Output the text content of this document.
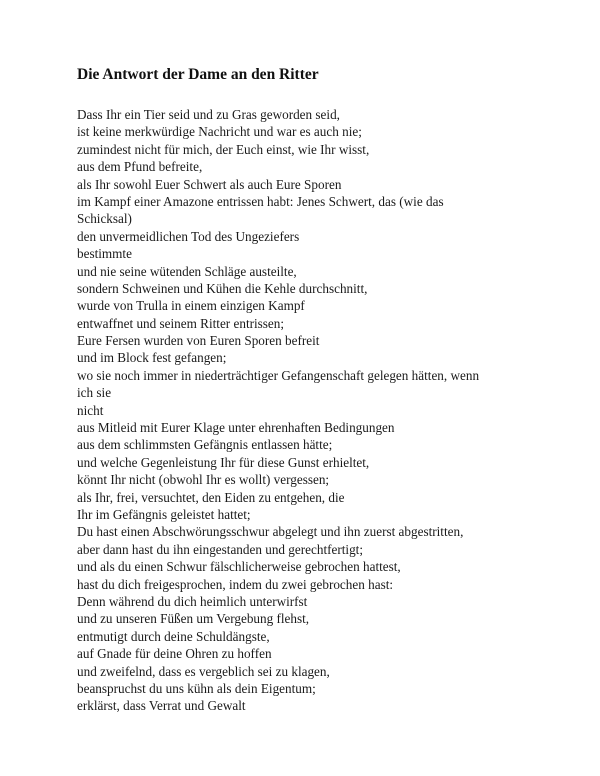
Die Antwort der Dame an den Ritter
Dass Ihr ein Tier seid und zu Gras geworden seid,
ist keine merkwürdige Nachricht und war es auch nie;
zumindest nicht für mich, der Euch einst, wie Ihr wisst,
aus dem Pfund befreite,
als Ihr sowohl Euer Schwert als auch Eure Sporen
im Kampf einer Amazone entrissen habt: Jenes Schwert, das (wie das
Schicksal)
den unvermeidlichen Tod des Ungeziefers
bestimmte
und nie seine wütenden Schläge austeilte,
sondern Schweinen und Kühen die Kehle durchschnitt,
wurde von Trulla in einem einzigen Kampf
entwaffnet und seinem Ritter entrissen;
Eure Fersen wurden von Euren Sporen befreit
und im Block fest gefangen;
wo sie noch immer in niederträchtiger Gefangenschaft gelegen hätten, wenn
ich sie
nicht
aus Mitleid mit Eurer Klage unter ehrenhaften Bedingungen
aus dem schlimmsten Gefängnis entlassen hätte;
und welche Gegenleistung Ihr für diese Gunst erhieltet,
könnt Ihr nicht (obwohl Ihr es wollt) vergessen;
als Ihr, frei, versuchtet, den Eiden zu entgehen, die
Ihr im Gefängnis geleistet hattet;
Du hast einen Abschwörungsschwur abgelegt und ihn zuerst abgestritten,
aber dann hast du ihn eingestanden und gerechtfertigt;
und als du einen Schwur fälschlicherweise gebrochen hattest,
hast du dich freigesprochen, indem du zwei gebrochen hast:
Denn während du dich heimlich unterwirfst
und zu unseren Füßen um Vergebung flehst,
entmutigt durch deine Schuldängste,
auf Gnade für deine Ohren zu hoffen
und zweifelnd, dass es vergeblich sei zu klagen,
beanspruchst du uns kühn als dein Eigentum;
erklärst, dass Verrat und Gewalt
